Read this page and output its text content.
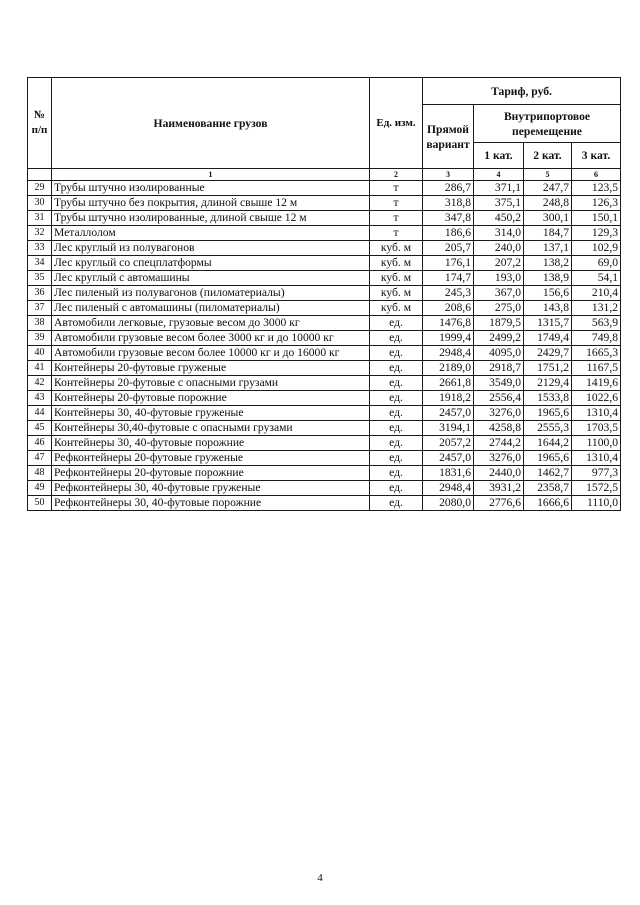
№ п/п	Наименование грузов	Ед. изм.	Тариф, руб.			
			Прямой вариант	Внутрипортовое перемещение		
				1 кат.	2 кат.	3 кат.
	1	2	3	4	5	6
29	Трубы штучно изолированные	т	286,7	371,1	247,7	123,5
30	Трубы штучно без покрытия, длиной свыше 12 м	т	318,8	375,1	248,8	126,3
31	Трубы штучно изолированные, длиной свыше 12 м	т	347,8	450,2	300,1	150,1
32	Металлолом	т	186,6	314,0	184,7	129,3
33	Лес круглый из полувагонов	куб. м	205,7	240,0	137,1	102,9
34	Лес круглый со спецплатформы	куб. м	176,1	207,2	138,2	69,0
35	Лес круглый с автомашины	куб. м	174,7	193,0	138,9	54,1
36	Лес пиленый из полувагонов (пиломатериалы)	куб. м	245,3	367,0	156,6	210,4
37	Лес пиленый с автомашины (пиломатериалы)	куб. м	208,6	275,0	143,8	131,2
38	Автомобили легковые, грузовые весом до 3000 кг	ед.	1476,8	1879,5	1315,7	563,9
39	Автомобили грузовые весом более 3000 кг и до 10000 кг	ед.	1999,4	2499,2	1749,4	749,8
40	Автомобили грузовые весом более 10000 кг и до 16000 кг	ед.	2948,4	4095,0	2429,7	1665,3
41	Контейнеры 20-футовые груженые	ед.	2189,0	2918,7	1751,2	1167,5
42	Контейнеры 20-футовые с опасными грузами	ед.	2661,8	3549,0	2129,4	1419,6
43	Контейнеры 20-футовые порожние	ед.	1918,2	2556,4	1533,8	1022,6
44	Контейнеры 30, 40-футовые груженые	ед.	2457,0	3276,0	1965,6	1310,4
45	Контейнеры 30,40-футовые с опасными грузами	ед.	3194,1	4258,8	2555,3	1703,5
46	Контейнеры 30, 40-футовые порожние	ед.	2057,2	2744,2	1644,2	1100,0
47	Рефконтейнеры 20-футовые груженые	ед.	2457,0	3276,0	1965,6	1310,4
48	Рефконтейнеры 20-футовые порожние	ед.	1831,6	2440,0	1462,7	977,3
49	Рефконтейнеры 30, 40-футовые груженые	ед.	2948,4	3931,2	2358,7	1572,5
50	Рефконтейнеры 30, 40-футовые порожние	ед.	2080,0	2776,6	1666,6	1110,0
4
